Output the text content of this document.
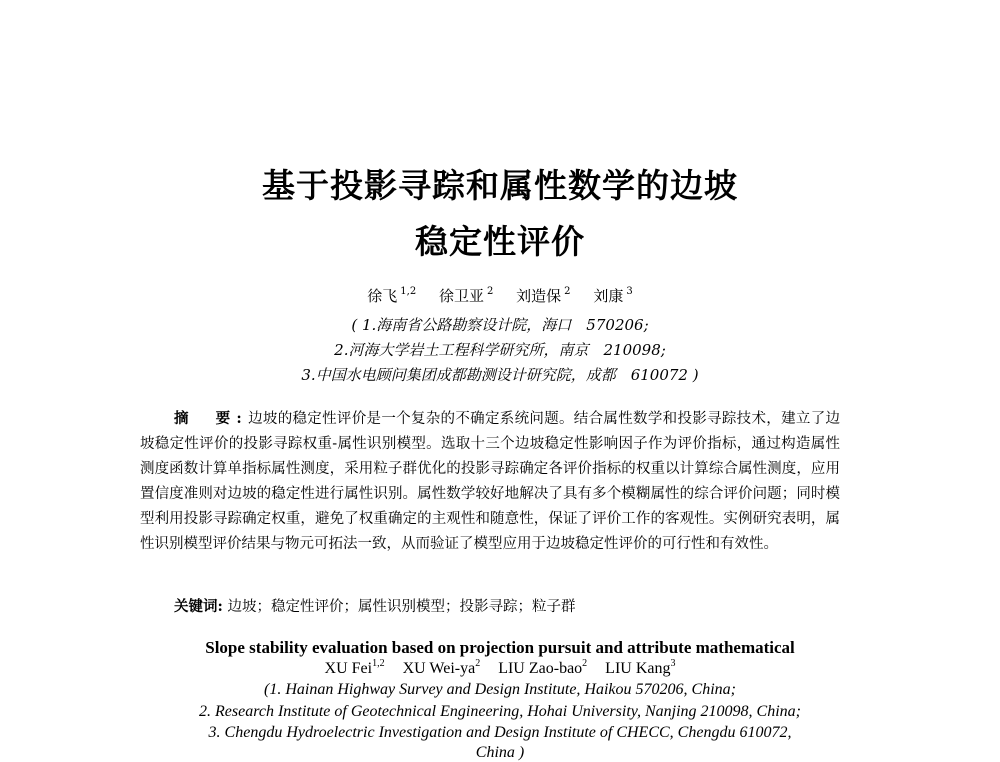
基于投影寻踪和属性数学的边坡
稳定性评价
徐飞 $^{1,2}$ 徐卫亚 $^2$ 刘造保 $^2$ 刘康 $^3$
( 1.海南省公路勘察设计院，海口　570206;
2.河海大学岩土工程科学研究所，南京　210098;
3.中国水电顾问集团成都勘测设计研究院，成都　610072 )
摘　要:边坡的稳定性评价是一个复杂的不确定系统问题。结合属性数学和投影寻踪技术，建立了边坡稳定性评价的投影寻踪权重-属性识别模型。选取十三个边坡稳定性影响因子作为评价指标，通过构造属性测度函数计算单指标属性测度，采用粒子群优化的投影寻踪确定各评价指标的权重以计算综合属性测度，应用置信度准则对边坡的稳定性进行属性识别。属性数学较好地解决了具有多个模糊属性的综合评价问题；同时模型利用投影寻踪确定权重，避免了权重确定的主观性和随意性，保证了评价工作的客观性。实例研究表明，属性识别模型评价结果与物元可拓法一致，从而验证了模型应用于边坡稳定性评价的可行性和有效性。
关键词: 边坡；稳定性评价；属性识别模型；投影寻踪；粒子群
Slope stability evaluation based on projection pursuit and attribute mathematical
XU Fei$^{1,2}$ XU Wei-$ya^2$ LIU Zao-bao$^2$ LIU Kang$^3$
(1. Hainan Highway Survey and Design Institute, Haikou 570206, China;
2. Research Institute of Geotechnical Engineering, Hohai University, Nanjing 210098, China;
3. Chengdu Hydroelectric Investigation and Design Institute of CHECC, Chengdu 610072,
China )
